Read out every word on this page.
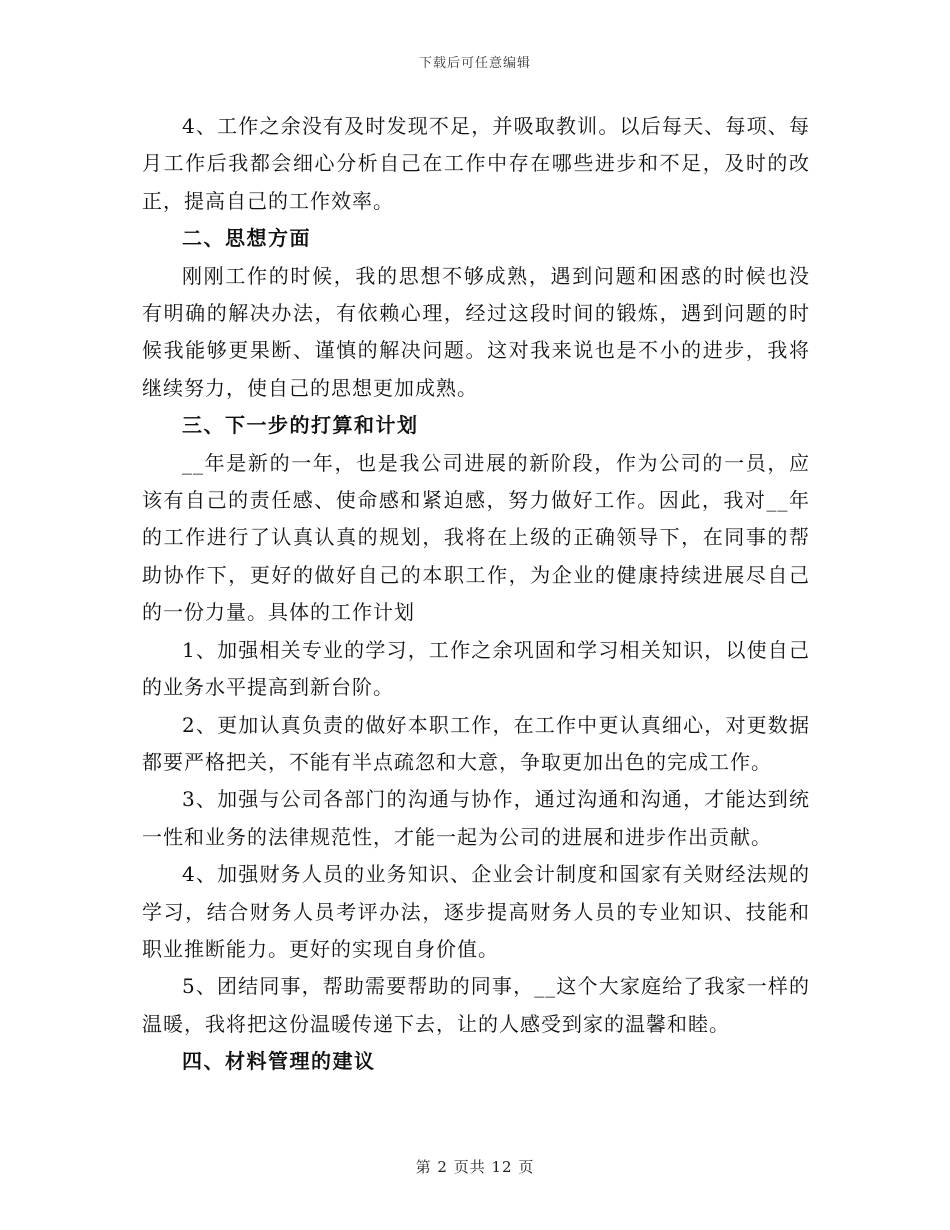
下载后可任意编辑

4、工作之余没有及时发现不足，并吸取教训。以后每天、每项、每月工作后我都会细心分析自己在工作中存在哪些进步和不足，及时的改正，提高自己的工作效率。

二、思想方面

刚刚工作的时候，我的思想不够成熟，遇到问题和困惑的时候也没有明确的解决办法，有依赖心理，经过这段时间的锻炼，遇到问题的时候我能够更果断、谨慎的解决问题。这对我来说也是不小的进步，我将继续努力，使自己的思想更加成熟。

三、下一步的打算和计划

__年是新的一年，也是我公司进展的新阶段，作为公司的一员，应该有自己的责任感、使命感和紧迫感，努力做好工作。因此，我对__年的工作进行了认真认真的规划，我将在上级的正确领导下，在同事的帮助协作下，更好的做好自己的本职工作，为企业的健康持续进展尽自己的一份力量。具体的工作计划

1、加强相关专业的学习，工作之余巩固和学习相关知识，以使自己的业务水平提高到新台阶。

2、更加认真负责的做好本职工作，在工作中更认真细心，对更数据都要严格把关，不能有半点疏忽和大意，争取更加出色的完成工作。

3、加强与公司各部门的沟通与协作，通过沟通和沟通，才能达到统一性和业务的法律规范性，才能一起为公司的进展和进步作出贡献。

4、加强财务人员的业务知识、企业会计制度和国家有关财经法规的学习，结合财务人员考评办法，逐步提高财务人员的专业知识、技能和职业推断能力。更好的实现自身价值。

5、团结同事，帮助需要帮助的同事，__这个大家庭给了我家一样的温暖，我将把这份温暖传递下去，让的人感受到家的温馨和睦。

四、材料管理的建议

第 2 页共 12 页
